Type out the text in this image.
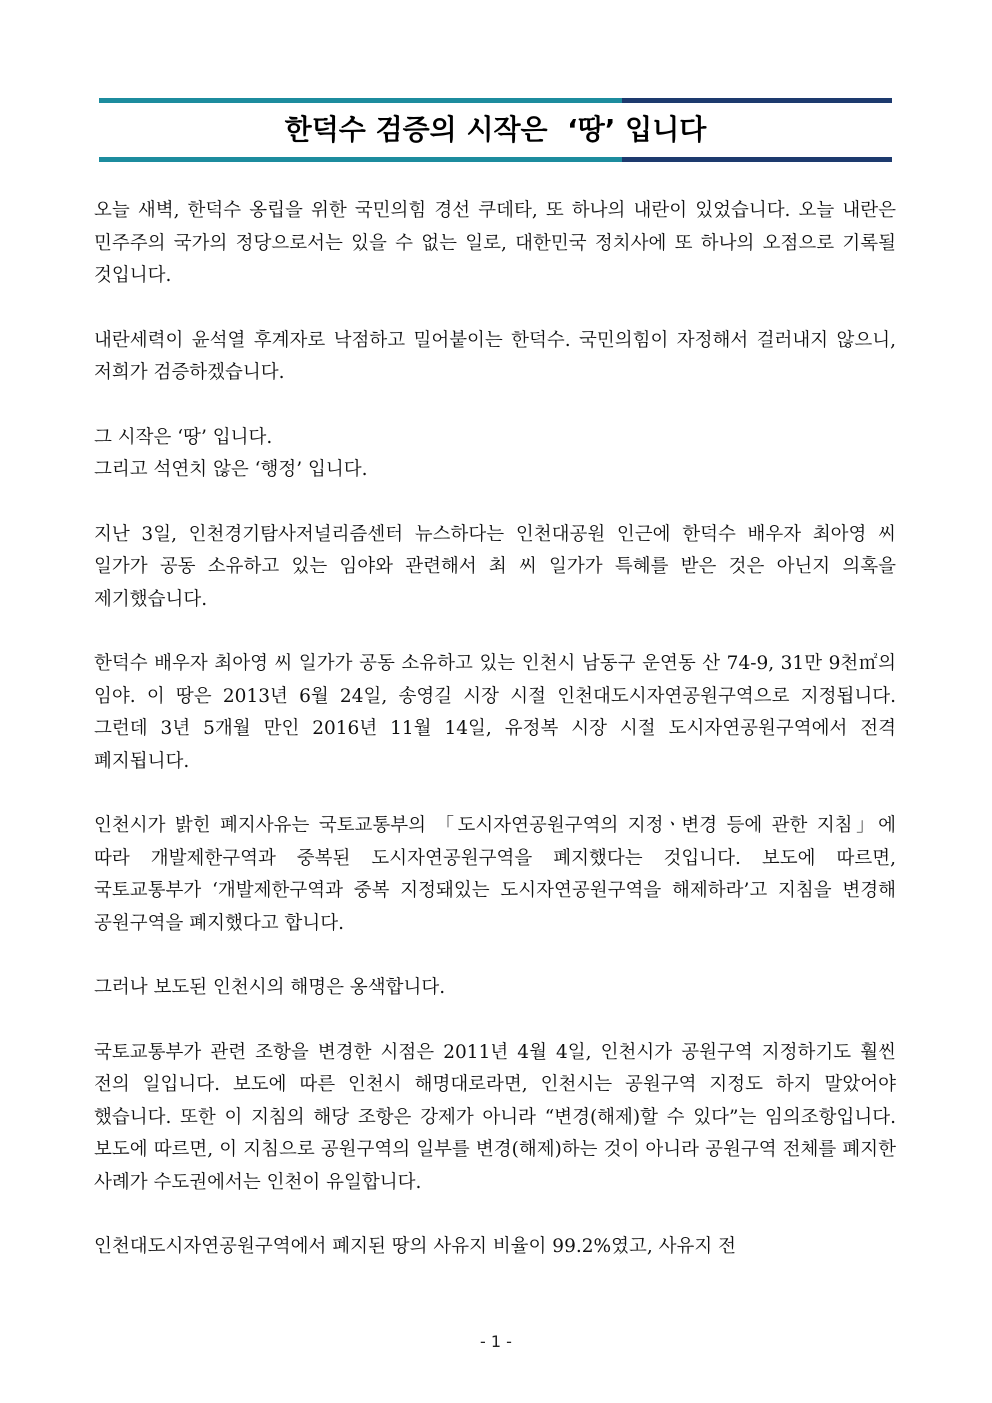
한덕수 검증의 시작은  ‘땅’ 입니다

오늘 새벽, 한덕수 옹립을 위한 국민의힘 경선 쿠데타, 또 하나의 내란이 있었습니다. 오늘 내란은 민주주의 국가의 정당으로서는 있을 수 없는 일로, 대한민국 정치사에 또 하나의 오점으로 기록될 것입니다.

내란세력이 윤석열 후계자로 낙점하고 밀어붙이는 한덕수. 국민의힘이 자정해서 걸러내지 않으니, 저희가 검증하겠습니다.

그 시작은 ‘땅’ 입니다.

그리고 석연치 않은 ‘행정’ 입니다.

지난 3일, 인천경기탐사저널리즘센터 뉴스하다는 인천대공원 인근에 한덕수 배우자 최아영 씨 일가가 공동 소유하고 있는 임야와 관련해서 최 씨 일가가 특혜를 받은 것은 아닌지 의혹을 제기했습니다.

한덕수 배우자 최아영 씨 일가가 공동 소유하고 있는 인천시 남동구 운연동 산 74-9, 31만 9천㎡의 임야. 이 땅은 2013년 6월 24일, 송영길 시장 시절 인천대도시자연공원구역으로 지정됩니다. 그런데 3년 5개월 만인 2016년 11월 14일, 유정복 시장 시절 도시자연공원구역에서 전격 폐지됩니다.

인천시가 밝힌 폐지사유는 국토교통부의 「도시자연공원구역의 지정ㆍ변경 등에 관한 지침」에 따라 개발제한구역과 중복된 도시자연공원구역을 폐지했다는 것입니다. 보도에 따르면, 국토교통부가 ‘개발제한구역과 중복 지정돼있는 도시자연공원구역을 해제하라’고 지침을 변경해 공원구역을 폐지했다고 합니다.

그러나 보도된 인천시의 해명은 옹색합니다.

국토교통부가 관련 조항을 변경한 시점은 2011년 4월 4일, 인천시가 공원구역 지정하기도 훨씬 전의 일입니다. 보도에 따른 인천시 해명대로라면, 인천시는 공원구역 지정도 하지 말았어야 했습니다. 또한 이 지침의 해당 조항은 강제가 아니라 “변경(해제)할 수 있다”는 임의조항입니다. 보도에 따르면, 이 지침으로 공원구역의 일부를 변경(해제)하는 것이 아니라 공원구역 전체를 폐지한 사례가 수도권에서는 인천이 유일합니다.

인천대도시자연공원구역에서 폐지된 땅의 사유지 비율이 99.2%였고, 사유지 전

- 1 -
